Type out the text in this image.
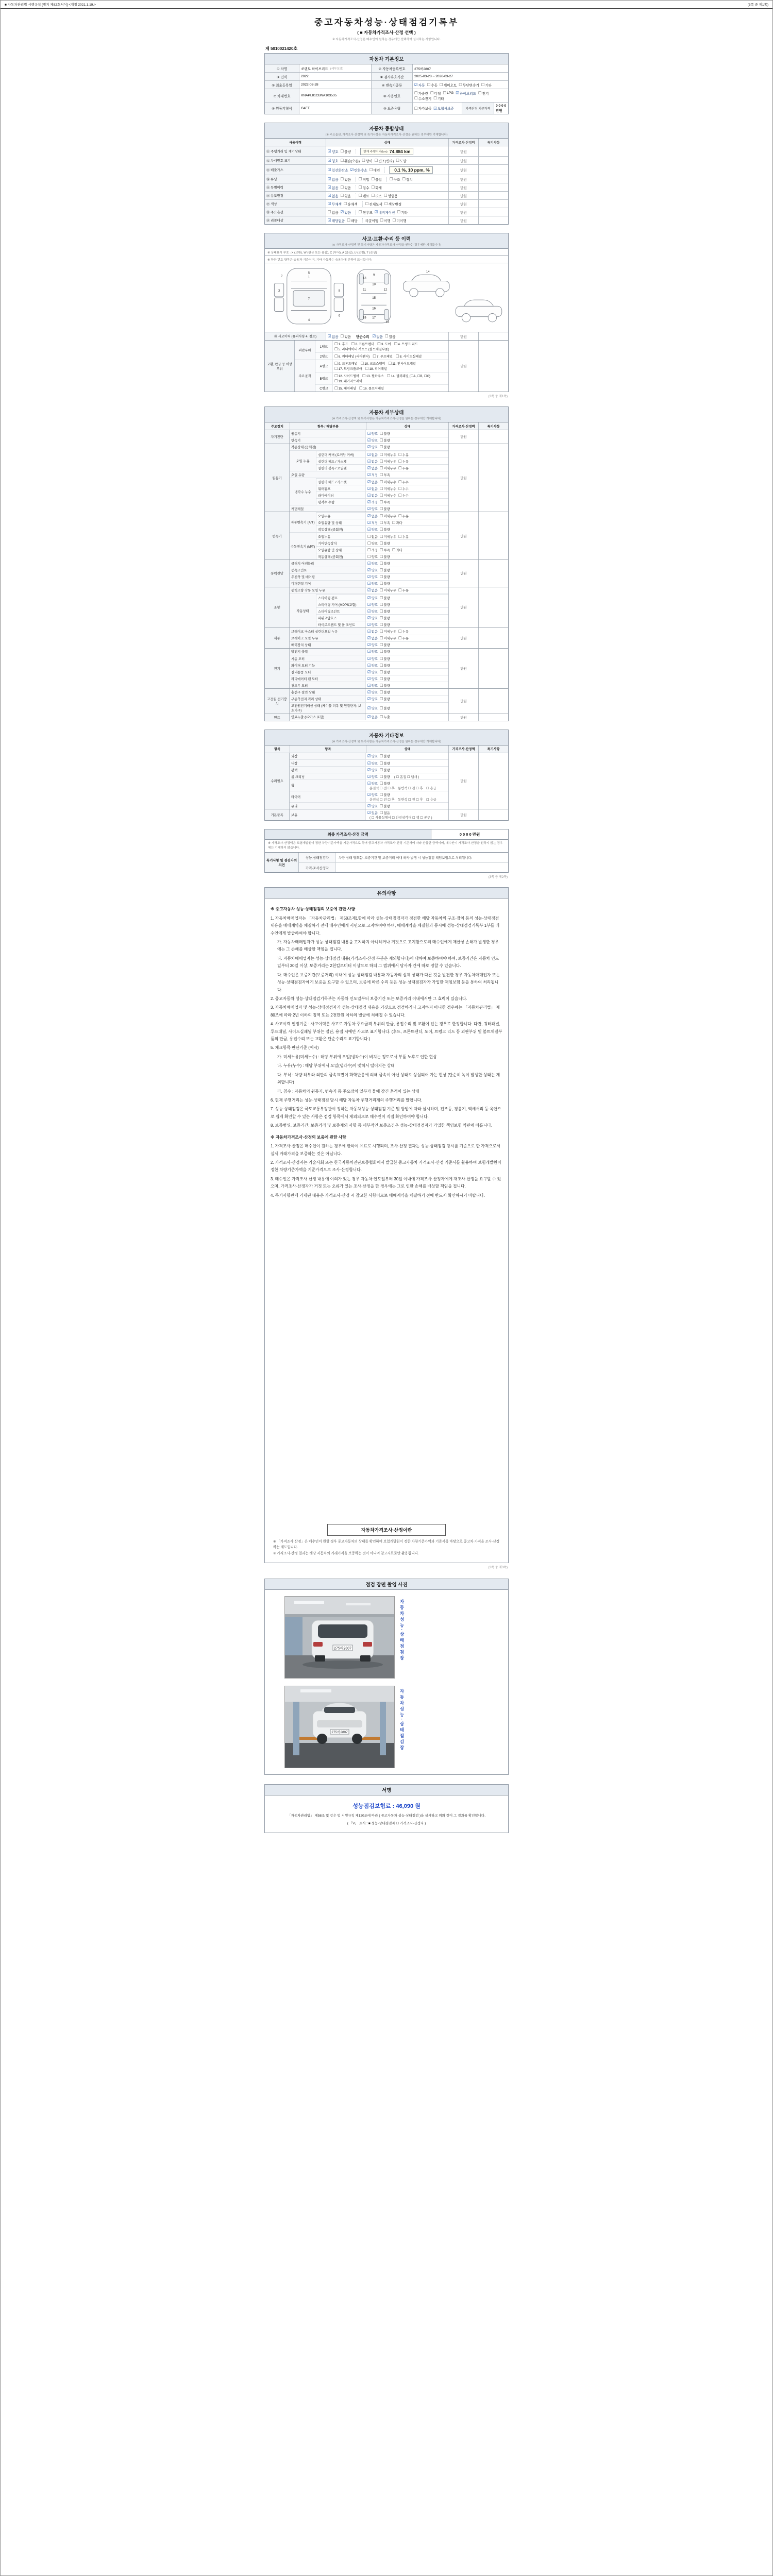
■ 자동차관리법 시행규칙 [별지 제82호서식] <개정 2021.1.19.>	(3쪽 중 제1쪽)
중고자동차성능·상태점검기록부
( ■ 자동차가격조사·산정 선택 )
※ 자동차가격조사·산정은 매수인이 원하는 경우에만 선택하여 실시하는 사항입니다.
제 5010021420호
자동차 기본정보
① 차명	쏘렌토 하이브리드 (세부모델)	② 자동차등록번호	275허2807
③ 연식	2022	④ 검사유효기간	2025-03-28 ~ 2026-03-27
⑤ 최초등록일	2022-03-28	⑥ 변속기종류	☑ 자동 ☐ 수동 ☐ 세미오토 ☐ 무단변속기 ☐ 기타
⑦ 차대번호	KNAPL81CBNA103535	⑧ 사용연료
☐ 가솔린 ☐ 디젤 ☐ LPG ☑ 하이브리드 ☐ 전기
☐ 수소전기 ☐ 기타
⑨ 원동기형식	G4FT	⑩ 보증유형	☐ 자가보증 ☑ 보험사보증	가격산정 기준가격
0 0 0 0 만원
자동차 종합상태
(※ 주요옵션, 가격조사·산정액 및 특기사항은 자동차가격조사·산정을 원하는 경우에만 기재합니다)
사용이력	상태	가격조사·산정액	특기사항
⑪ 주행거리 및 계기상태	☑ 양호 ☐ 불량	현재 주행거리(km) 74,884 km	만원
⑫ 차대번호 표기	☑ 양호 ☐ 훼손(오손) ☐ 상이 ☐ 변조(변타) ☐ 도말	만원
⑬ 배출가스	☑ 일산화탄소 ☑ 탄화수소 ☐ 매연	0.1 %, 10 ppm, %	만원
⑭ 튜닝	☑ 없음 ☐ 있음 ☐ 적법 ☐ 불법 ☐ 구조 ☐ 장치	만원
⑮ 특별이력	☑ 없음 ☐ 있음 ☐ 침수 ☐ 화재	만원
⑯ 용도변경	☑ 없음 ☐ 있음 ☐ 렌트 ☐ 리스 ☐ 영업용	만원
⑰ 색상	☑ 무채색 ☐ 유채색 ☐ 전체도색 ☐ 색상변경	만원
⑱ 주요옵션	☐ 없음 ☑ 있음 ☐ 썬루프 ☑ 네비게이션 ☐ 기타	만원
⑲ 리콜대상	☑ 해당없음 ☐ 해당 리콜이행 ☐ 이행 ☐ 미이행	만원
사고·교환·수리 등 이력
(※ 가격조사·산정액 및 특기사항은 자동차가격조사·산정을 원하는 경우에만 기재합니다)
※ 상태표시 부호 : X (교환), W (판금 또는 용접), C (부식), A (흠집), U (요철), T (손상)
※ 하단 번호 항목은 승용차 기준이며, 기타 자동차는 승용차에 준하여 표시합니다.
1
2
3
4
5
6
7
8
9
10
11	12
13
14
15
16
17
18
19
⑳ 사고이력 (유의사항 4. 참조)	☑ 없음 ☐ 있음 단순수리 ☑ 없음 ☐ 있음	만원
교환, 판금 등 이상 부위
외판부위
1랭크
☐ 1. 후드 ☐ 2. 프론트펜더 ☐ 3. 도어 ☐ 4. 트렁크 리드
☐ 5. 라디에이터 서포트 (볼트체결부품)
2랭크	☐ 6. 쿼터패널 (리어펜더) ☐ 7. 루프패널 ☐ 8. 사이드실패널
주요골격
A랭크
☐ 9. 프론트패널 ☐ 10. 크로스멤버 ☐ 11. 인사이드패널
☐ 17. 트렁크플로어 ☐ 18. 리어패널
B랭크
☐ 12. 사이드멤버 ☐ 13. 휠하우스 ☐ 14. 필러패널 (☐A, ☐B, ☐C)
☐ 19. 패키지트레이
C랭크	☐ 15. 대쉬패널 ☐ 16. 플로어패널
만원
(3쪽 중 제1쪽)
자동차 세부상태
(※ 가격조사·산정액 및 특기사항은 자동차가격조사·산정을 원하는 경우에만 기재합니다)
주요장치	항목 / 해당부품	상태	가격조사·산정액	특기사항
자기진단
원동기	☑ 양호 ☐ 불량
변속기	☑ 양호 ☐ 불량
만원
원동기
작동상태 (공회전)	☑ 양호 ☐ 불량
오일 누유
실린더 커버 (로커암 커버)	☑ 없음 ☐ 미세누유 ☐ 누유
실린더 헤드 / 가스켓	☑ 없음 ☐ 미세누유 ☐ 누유
실린더 블록 / 오일팬	☑ 없음 ☐ 미세누유 ☐ 누유
오일 유량	☑ 적정 ☐ 부족
냉각수 누수
실린더 헤드 / 가스켓	☑ 없음 ☐ 미세누수 ☐ 누수
워터펌프	☑ 없음 ☐ 미세누수 ☐ 누수
라디에이터	☑ 없음 ☐ 미세누수 ☐ 누수
냉각수 수량	☑ 적정 ☐ 부족
커먼레일	☑ 양호 ☐ 불량
만원
변속기
자동변속기 (A/T)
오일누유	☑ 없음 ☐ 미세누유 ☐ 누유
오일유량 및 상태	☑ 적정 ☐ 부족 ☐ 과다
작동상태 (공회전)	☑ 양호 ☐ 불량
수동변속기 (M/T)
오일누유	☐ 없음 ☐ 미세누유 ☐ 누유
기어변속장치	☐ 양호 ☐ 불량
오일유량 및 상태	☐ 적정 ☐ 부족 ☐ 과다
작동상태 (공회전)	☐ 양호 ☐ 불량
만원
동력전달
클러치 어셈블리	☑ 양호 ☐ 불량
등속조인트	☑ 양호 ☐ 불량
추진축 및 베어링	☑ 양호 ☐ 불량
디퍼렌셜 기어	☑ 양호 ☐ 불량
만원
조향
동력조향 작동 오일 누유	☑ 없음 ☐ 미세누유 ☐ 누유
작동상태
스티어링 펌프	☑ 양호 ☐ 불량
스티어링 기어 (MDPS포함)	☑ 양호 ☐ 불량
스티어링조인트	☑ 양호 ☐ 불량
파워고압호스	☑ 양호 ☐ 불량
타이로드엔드 및 볼 조인트	☑ 양호 ☐ 불량
만원
제동
브레이크 마스터 실린더오일 누유	☑ 없음 ☐ 미세누유 ☐ 누유
브레이크 오일 누유	☑ 없음 ☐ 미세누유 ☐ 누유
배력장치 상태	☑ 양호 ☐ 불량
만원
전기
발전기 출력	☑ 양호 ☐ 불량
시동 모터	☑ 양호 ☐ 불량
와이퍼 모터 기능	☑ 양호 ☐ 불량
실내송풍 모터	☑ 양호 ☐ 불량
라디에이터 팬 모터	☑ 양호 ☐ 불량
윈도우 모터	☑ 양호 ☐ 불량
만원
고전원 전기장치
충전구 절연 상태	☑ 양호 ☐ 불량
구동축전지 격리 상태	☑ 양호 ☐ 불량
고전원전기배선 상태 (케이블 피복 및 연결단자, 보호기구)
☑ 양호 ☐ 불량
만원
연료	연료누출 (LP가스 포함)	☑ 없음 ☐ 누출	만원
자동차 기타정보
(※ 가격조사·산정액 및 특기사항은 자동차가격조사·산정을 원하는 경우에만 기재합니다)
항목	항목	상태	가격조사·산정액	특기사항
수리필요
외장	☑ 양호 ☐ 불량
내장	☑ 양호 ☐ 불량
광택	☑ 양호 ☐ 불량
룸 크리닝	☑ 양호 ☐ 불량 ( ☐ 흠집 ☐ 냄새 )
휠
☑ 양호 ☐ 불량
운전석 ☐ 전 ☐ 후　동반석 ☐ 전 ☐ 후　☐ 응급
타이어
☑ 양호 ☐ 불량
운전석 ☐ 전 ☐ 후　동반석 ☐ 전 ☐ 후　☐ 응급
유리	☑ 양호 ☐ 불량
만원
기본품목	보유
☑ 있음 ☐ 없음
( ☐ 사용설명서 ☐ 안전삼각대 ☐ 잭 ☐ 공구 )
만원
최종 가격조사·산정 금액	0 0 0 0 만원
※ 가격조사·산정액은 보험개발원이 정한 차량기준가액을 기준가격으로 하여 중고자동차 가격조사·산정 기준서에 따라 산출한 금액이며, 매수인이 가격조사·산정을 원하지 않는 경우에는 기재하지 않습니다.
특기사항 및 점검자의 의견
성능·상태점검자	차량 상태 양호함. 보증기간 및 보증거리 이내 하자 발생 시 성능점검 책임보험으로 처리됩니다.
가격·조사산정자
(3쪽 중 제2쪽)
유의사항
※ 중고자동차 성능·상태점검의 보증에 관한 사항
1. 자동차매매업자는 「자동차관리법」 제58조제1항에 따라 성능·상태점검자가 점검한 해당 자동차의 구조·장치 등의 성능·상태점검 내용을 매매계약을 체결하기 전에 매수인에게 서면으로 고지하여야 하며, 매매계약을 체결함과 동시에 성능·상태점검기록부 1부를 매수인에게 발급하여야 합니다.
가. 자동차매매업자가 성능·상태점검 내용을 고지하지 아니하거나 거짓으로 고지함으로써 매수인에게 재산상 손해가 발생한 경우에는 그 손해를 배상할 책임을 집니다.
나. 자동차매매업자는 성능·상태점검 내용(가격조사·산정 부분은 제외합니다)에 대하여 보증하여야 하며, 보증기간은 자동차 인도일부터 30일 이상, 보증거리는 2천킬로미터 이상으로 하되 그 범위에서 당사자 간에 따로 정할 수 있습니다.
다. 매수인은 보증기간(보증거리) 이내에 성능·상태점검 내용과 자동차의 실제 상태가 다른 것을 발견한 경우 자동차매매업자 또는 성능·상태점검자에게 보증을 요구할 수 있으며, 보증에 따른 수리 등은 성능·상태점검자가 가입한 책임보험 등을 통하여 처리됩니다.
2. 중고자동차 성능·상태점검기록부는 자동차 인도일부터 보증기간 또는 보증거리 이내에서만 그 효력이 있습니다.
3. 자동차매매업자 및 성능·상태점검자가 성능·상태점검 내용을 거짓으로 점검하거나 고지하지 아니한 경우에는 「자동차관리법」 제80조에 따라 2년 이하의 징역 또는 2천만원 이하의 벌금에 처해질 수 있습니다.
4. 사고이력 인정기준 : 사고이력은 사고로 자동차 주요골격 부위의 판금, 용접수리 및 교환이 있는 경우로 한정합니다. 다만, 쿼터패널, 루프패널, 사이드실패널 부위는 절단, 용접 시에만 사고로 표기합니다. (후드, 프론트펜더, 도어, 트렁크 리드 등 외판부위 및 볼트체결부품의 판금, 용접수리 또는 교환은 단순수리로 표기합니다.)
5. 체크항목 판단기준 (예시)
가. 미세누유(미세누수) : 해당 부위에 오일(냉각수)이 비치는 정도로서 부품 노후로 인한 현상
나. 누유(누수) : 해당 부위에서 오일(냉각수)이 맺혀서 떨어지는 상태
다. 부식 : 차량 하부와 외판의 금속표면이 화학반응에 의해 금속이 아닌 상태로 상실되어 가는 현상 (단순히 녹이 발생한 상태는 제외합니다)
라. 침수 : 자동차의 원동기, 변속기 등 주요장치 일부가 물에 잠긴 흔적이 있는 상태
6. 현재 주행거리는 성능·상태점검 당시 해당 자동차 주행거리계의 주행거리를 말합니다.
7. 성능·상태점검은 국토교통부장관이 정하는 자동차성능·상태점검 기준 및 방법에 따라 실시하며, 전조등, 경음기, 액세서리 등 육안으로 쉽게 확인할 수 있는 사항은 점검 항목에서 제외되므로 매수인이 직접 확인하여야 합니다.
8. 보증범위, 보증기간, 보증거리 및 보증제외 사항 등 세부적인 보증조건은 성능·상태점검자가 가입한 책임보험 약관에 따릅니다.
※ 자동차가격조사·산정의 보증에 관한 사항
1. 가격조사·산정은 매수인이 원하는 경우에 한하여 유료로 시행되며, 조사·산정 결과는 성능·상태점검 당시를 기준으로 한 가격으로서 실제 거래가격을 보증하는 것은 아닙니다.
2. 가격조사·산정자는 기술사회 또는 한국자동차진단보증협회에서 발급한 중고자동차 가격조사·산정 기준서를 활용하여 보험개발원이 정한 차량기준가액을 기준가격으로 조사·산정합니다.
3. 매수인은 가격조사·산정 내용에 이의가 있는 경우 자동차 인도일부터 30일 이내에 가격조사·산정자에게 재조사·산정을 요구할 수 있으며, 가격조사·산정자가 거짓 또는 오류가 있는 조사·산정을 한 경우에는 그로 인한 손해를 배상할 책임을 집니다.
4. 특기사항란에 기재된 내용은 가격조사·산정 시 참고한 사항이므로 매매계약을 체결하기 전에 반드시 확인하시기 바랍니다.
자동차가격조사·산정이란
※ 「가격조사·산정」은 매수인이 원할 경우 중고자동차의 상태를 확인하여 보험개발원이 정한 차량기준가액과 기준서를 바탕으로 중고차 가격을 조사·산정하는 제도입니다.
※ 가격조사·산정 결과는 해당 자동차의 거래가격을 보증하는 것이 아니며 참고자료로만 활용됩니다.
(3쪽 중 제3쪽)
점검 장면 촬영 사진
275허2807	자동차성능·상태점검장
275허2807	자동차성능·상태점검장
서명
성능점검보험료 : 46,090 원
「자동차관리법」 제58조 및 같은 법 시행규칙 제120조에 따라 ( 중고자동차 성능·상태점검 )을 실시하고 위와 같이 그 결과를 확인합니다.
( 「V」 표시 : ■ 성능·상태점검자 ☐ 가격조사·산정자 )
